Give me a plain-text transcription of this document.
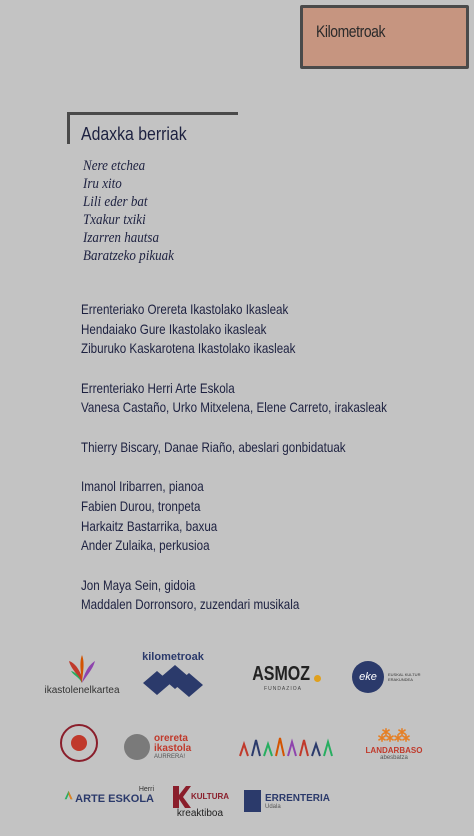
Kilometroak
Adaxka berriak
Nere etchea
Iru xito
Lili eder bat
Txakur txiki
Izarren hautsa
Baratzeko pikuak
Errenteriako Orereta Ikastolako Ikasleak
Hendaiako Gure Ikastolako ikasleak
Ziburuko Kaskarotena Ikastolako ikasleak
Errenteriako Herri Arte Eskola
Vanesa Castaño, Urko Mitxelena, Elene Carreto, irakasleak
Thierry Biscary, Danae Riaño, abeslari gonbidatuak
Imanol Iribarren, pianoa
Fabien Durou, tronpeta
Harkaitz Bastarrika, baxua
Ander Zulaika, perkusioa
Jon Maya Sein, gidoia
Maddalen Dorronsoro, zuzendari musikala
ikastolenelkartea
kilometroak
ASMOZ
FUNDAZIOA
eke	EUSKAL KULTUR ERAKUNDEA
orereta ikastola
AURRERA!
⁂⁂
LANDARBASO
abesbatza
Herri
ARTE ESKOLA	KULTURA
kreaktiboa
ERRENTERIA
Udala
